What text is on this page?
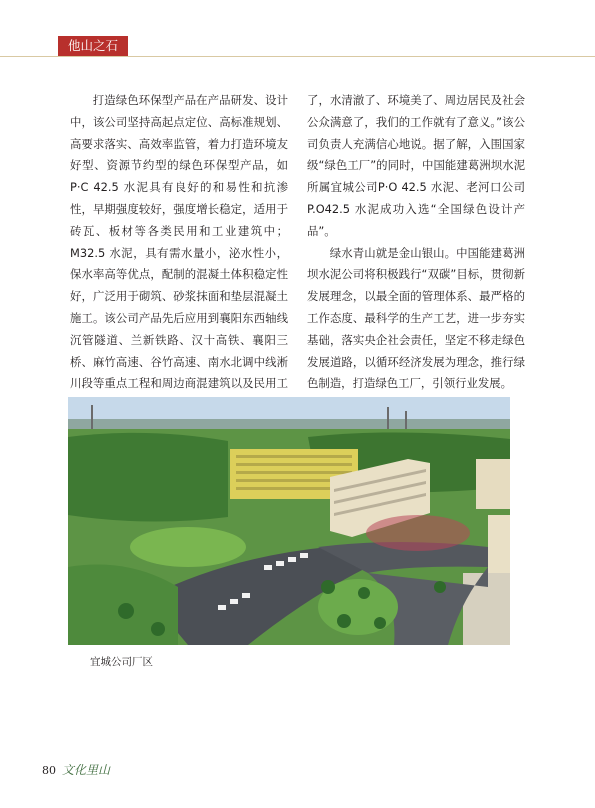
他山之石

打造绿色环保型产品在产品研发、设计中，该公司坚持高起点定位、高标准规划、高要求落实、高效率监管，着力打造环境友好型、资源节约型的绿色环保型产品，如P·C 42.5 水泥具有良好的和易性和抗渗性，早期强度较好，强度增长稳定，适用于砖瓦、板材等各类民用和工业建筑中；M32.5 水泥，具有需水量小，泌水性小，保水率高等优点，配制的混凝土体积稳定性好，广泛用于砌筑、砂浆抹面和垫层混凝土施工。该公司产品先后应用到襄阳东西轴线沉管隧道、兰新铁路、汉十高铁、襄阳三桥、麻竹高速、谷竹高速、南水北调中线淅川段等重点工程和周边商混建筑以及民用工

了，水清澈了、环境美了、周边居民及社会公众满意了，我们的工作就有了意义。”该公司负责人充满信心地说。据了解，入围国家级“绿色工厂”的同时，中国能建葛洲坝水泥所属宜城公司P·O 42.5 水泥、老河口公司P.O42.5 水泥成功入选“全国绿色设计产品”。

绿水青山就是金山银山。中国能建葛洲坝水泥公司将积极践行“双碳”目标，贯彻新发展理念，以最全面的管理体系、最严格的工作态度、最科学的生产工艺，进一步夯实基础，落实央企社会责任，坚定不移走绿色发展道路，以循环经济发展为理念，推行绿色制造，打造绿色工厂，引领行业发展。

宜城公司厂区
80 文化里山
